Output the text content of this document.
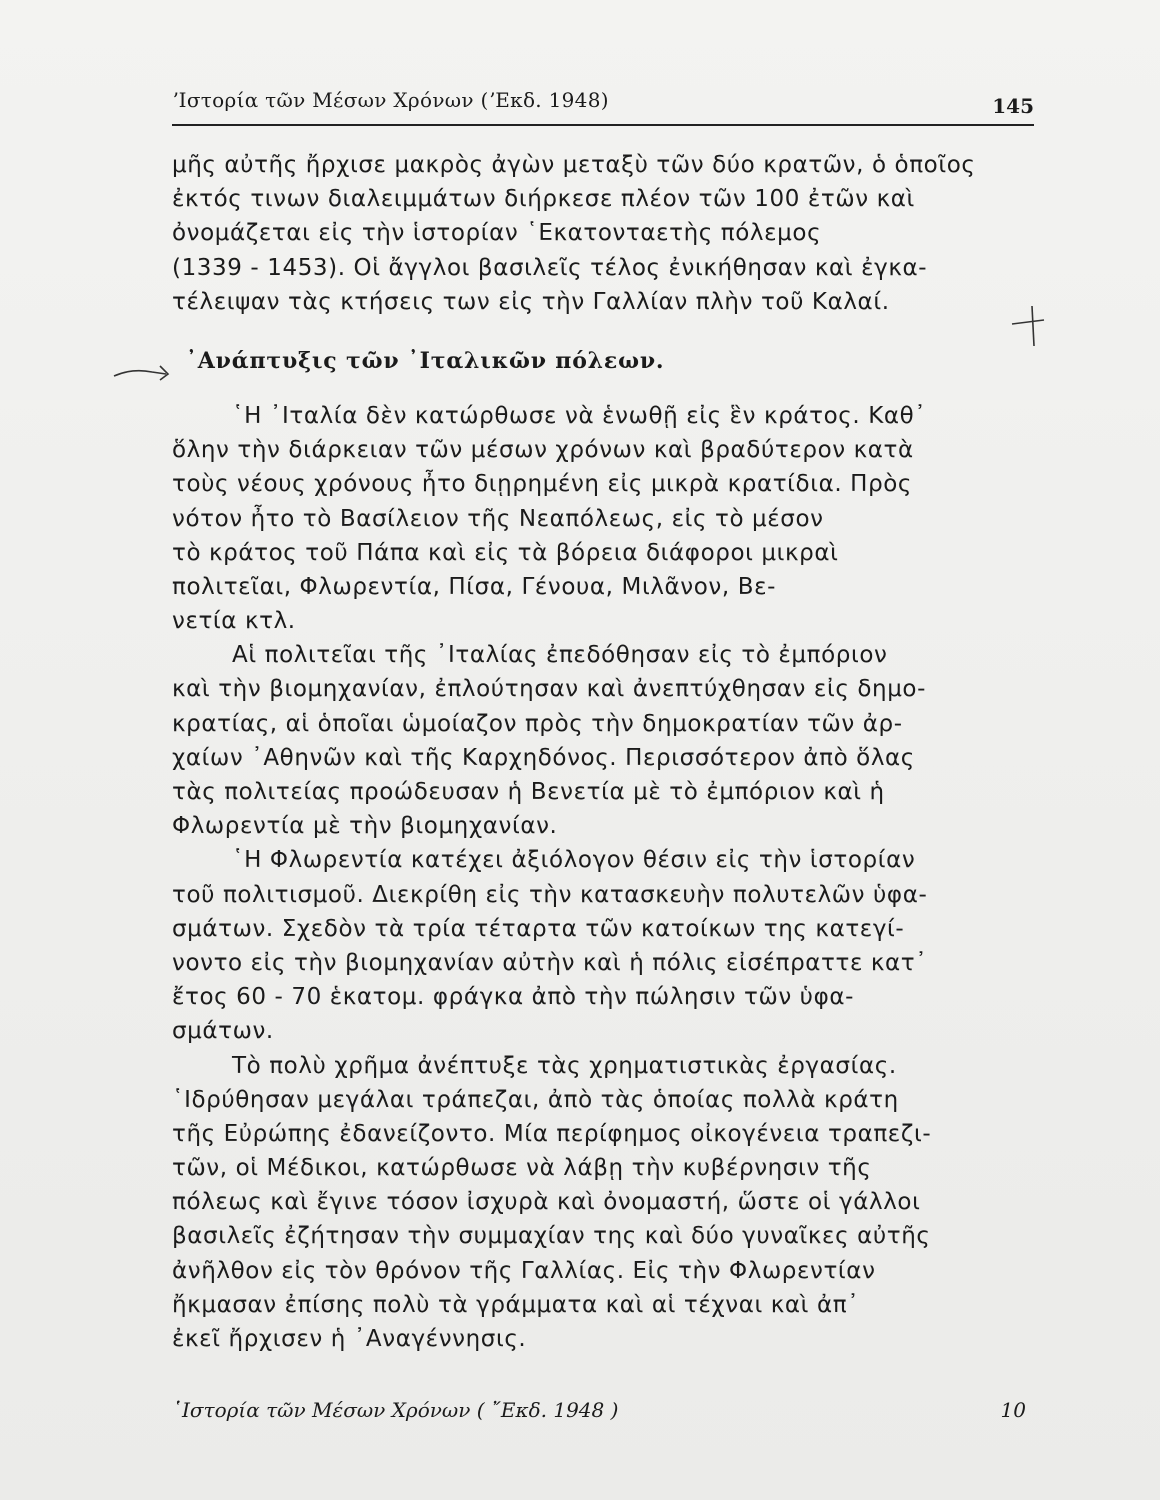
ʼΙστορία τῶν Μέσων Χρόνων (ʼΕκδ. 1948)	145
μῆς αὐτῆς ἤρχισε μακρὸς ἀγὼν μεταξὺ τῶν δύο κρατῶν, ὁ ὁποῖος
ἐκτός τινων διαλειμμάτων διήρκεσε πλέον τῶν 100 ἐτῶν καὶ
ὀνομάζεται εἰς τὴν ἱστορίαν ῾Εκατονταετὴς πόλεμος
(1339 - 1453). Οἱ ἄγγλοι βασιλεῖς τέλος ἐνικήθησαν καὶ ἐγκα-
τέλειψαν τὰς κτήσεις των εἰς τὴν Γαλλίαν πλὴν τοῦ Καλαί.
᾿Ανάπτυξις τῶν ᾿Ιταλικῶν πόλεων.
῾Η ᾿Ιταλία δὲν κατώρθωσε νὰ ἑνωθῇ εἰς ἓν κράτος. Καθ᾿
ὅλην τὴν διάρκειαν τῶν μέσων χρόνων καὶ βραδύτερον κατὰ
τοὺς νέους χρόνους ἦτο διῃρημένη εἰς μικρὰ κρατίδια. Πρὸς
νότον ἦτο τὸ Βασίλειον τῆς Νεαπόλεως, εἰς τὸ μέσον
τὸ κράτος τοῦ Πάπα καὶ εἰς τὰ βόρεια διάφοροι μικραὶ
πολιτεῖαι, Φλωρεντία, Πίσα, Γένουα, Μιλᾶνον, Βε-
νετία κτλ.
Αἱ πολιτεῖαι τῆς ᾿Ιταλίας ἐπεδόθησαν εἰς τὸ ἐμπόριον
καὶ τὴν βιομηχανίαν, ἐπλούτησαν καὶ ἀνεπτύχθησαν εἰς δημο-
κρατίας, αἱ ὁποῖαι ὡμοίαζον πρὸς τὴν δημοκρατίαν τῶν ἀρ-
χαίων ᾿Αθηνῶν καὶ τῆς Καρχηδόνος. Περισσότερον ἀπὸ ὅλας
τὰς πολιτείας προώδευσαν ἡ Βενετία μὲ τὸ ἐμπόριον καὶ ἡ
Φλωρεντία μὲ τὴν βιομηχανίαν.
῾Η Φλωρεντία κατέχει ἀξιόλογον θέσιν εἰς τὴν ἱστορίαν
τοῦ πολιτισμοῦ. Διεκρίθη εἰς τὴν κατασκευὴν πολυτελῶν ὑφα-
σμάτων. Σχεδὸν τὰ τρία τέταρτα τῶν κατοίκων της κατεγί-
νοντο εἰς τὴν βιομηχανίαν αὐτὴν καὶ ἡ πόλις εἰσέπραττε κατ᾿
ἔτος 60 - 70 ἑκατομ. φράγκα ἀπὸ τὴν πώλησιν τῶν ὑφα-
σμάτων.
Τὸ πολὺ χρῆμα ἀνέπτυξε τὰς χρηματιστικὰς ἐργασίας.
῾Ιδρύθησαν μεγάλαι τράπεζαι, ἀπὸ τὰς ὁποίας πολλὰ κράτη
τῆς Εὐρώπης ἐδανείζοντο. Μία περίφημος οἰκογένεια τραπεζι-
τῶν, οἱ Μέδικοι, κατώρθωσε νὰ λάβῃ τὴν κυβέρνησιν τῆς
πόλεως καὶ ἔγινε τόσον ἰσχυρὰ καὶ ὀνομαστή, ὥστε οἱ γάλλοι
βασιλεῖς ἐζήτησαν τὴν συμμαχίαν της καὶ δύο γυναῖκες αὐτῆς
ἀνῆλθον εἰς τὸν θρόνον τῆς Γαλλίας. Εἰς τὴν Φλωρεντίαν
ἤκμασαν ἐπίσης πολὺ τὰ γράμματα καὶ αἱ τέχναι καὶ ἀπ᾿
ἐκεῖ ἤρχισεν ἡ ᾿Αναγέννησις.
῾Ιστορία τῶν Μέσων Χρόνων ( ῎Εκδ. 1948 )	10
